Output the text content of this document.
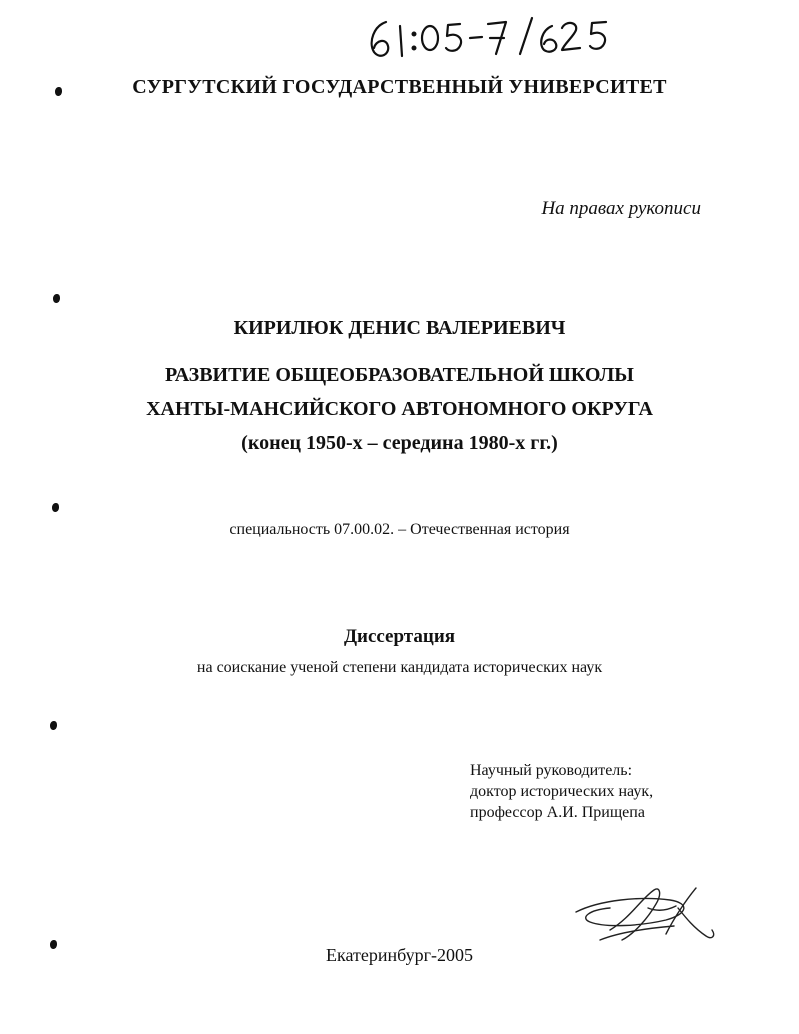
СУРГУТСКИЙ ГОСУДАРСТВЕННЫЙ УНИВЕРСИТЕТ
На правах рукописи
КИРИЛЮК ДЕНИС ВАЛЕРИЕВИЧ
РАЗВИТИЕ ОБЩЕОБРАЗОВАТЕЛЬНОЙ ШКОЛЫ
ХАНТЫ-МАНСИЙСКОГО АВТОНОМНОГО ОКРУГА
(конец 1950-х – середина 1980-х гг.)
специальность 07.00.02. – Отечественная история
Диссертация
на соискание ученой степени кандидата исторических наук
Научный руководитель:
доктор исторических наук,
профессор А.И. Прищепа
Екатеринбург-2005
